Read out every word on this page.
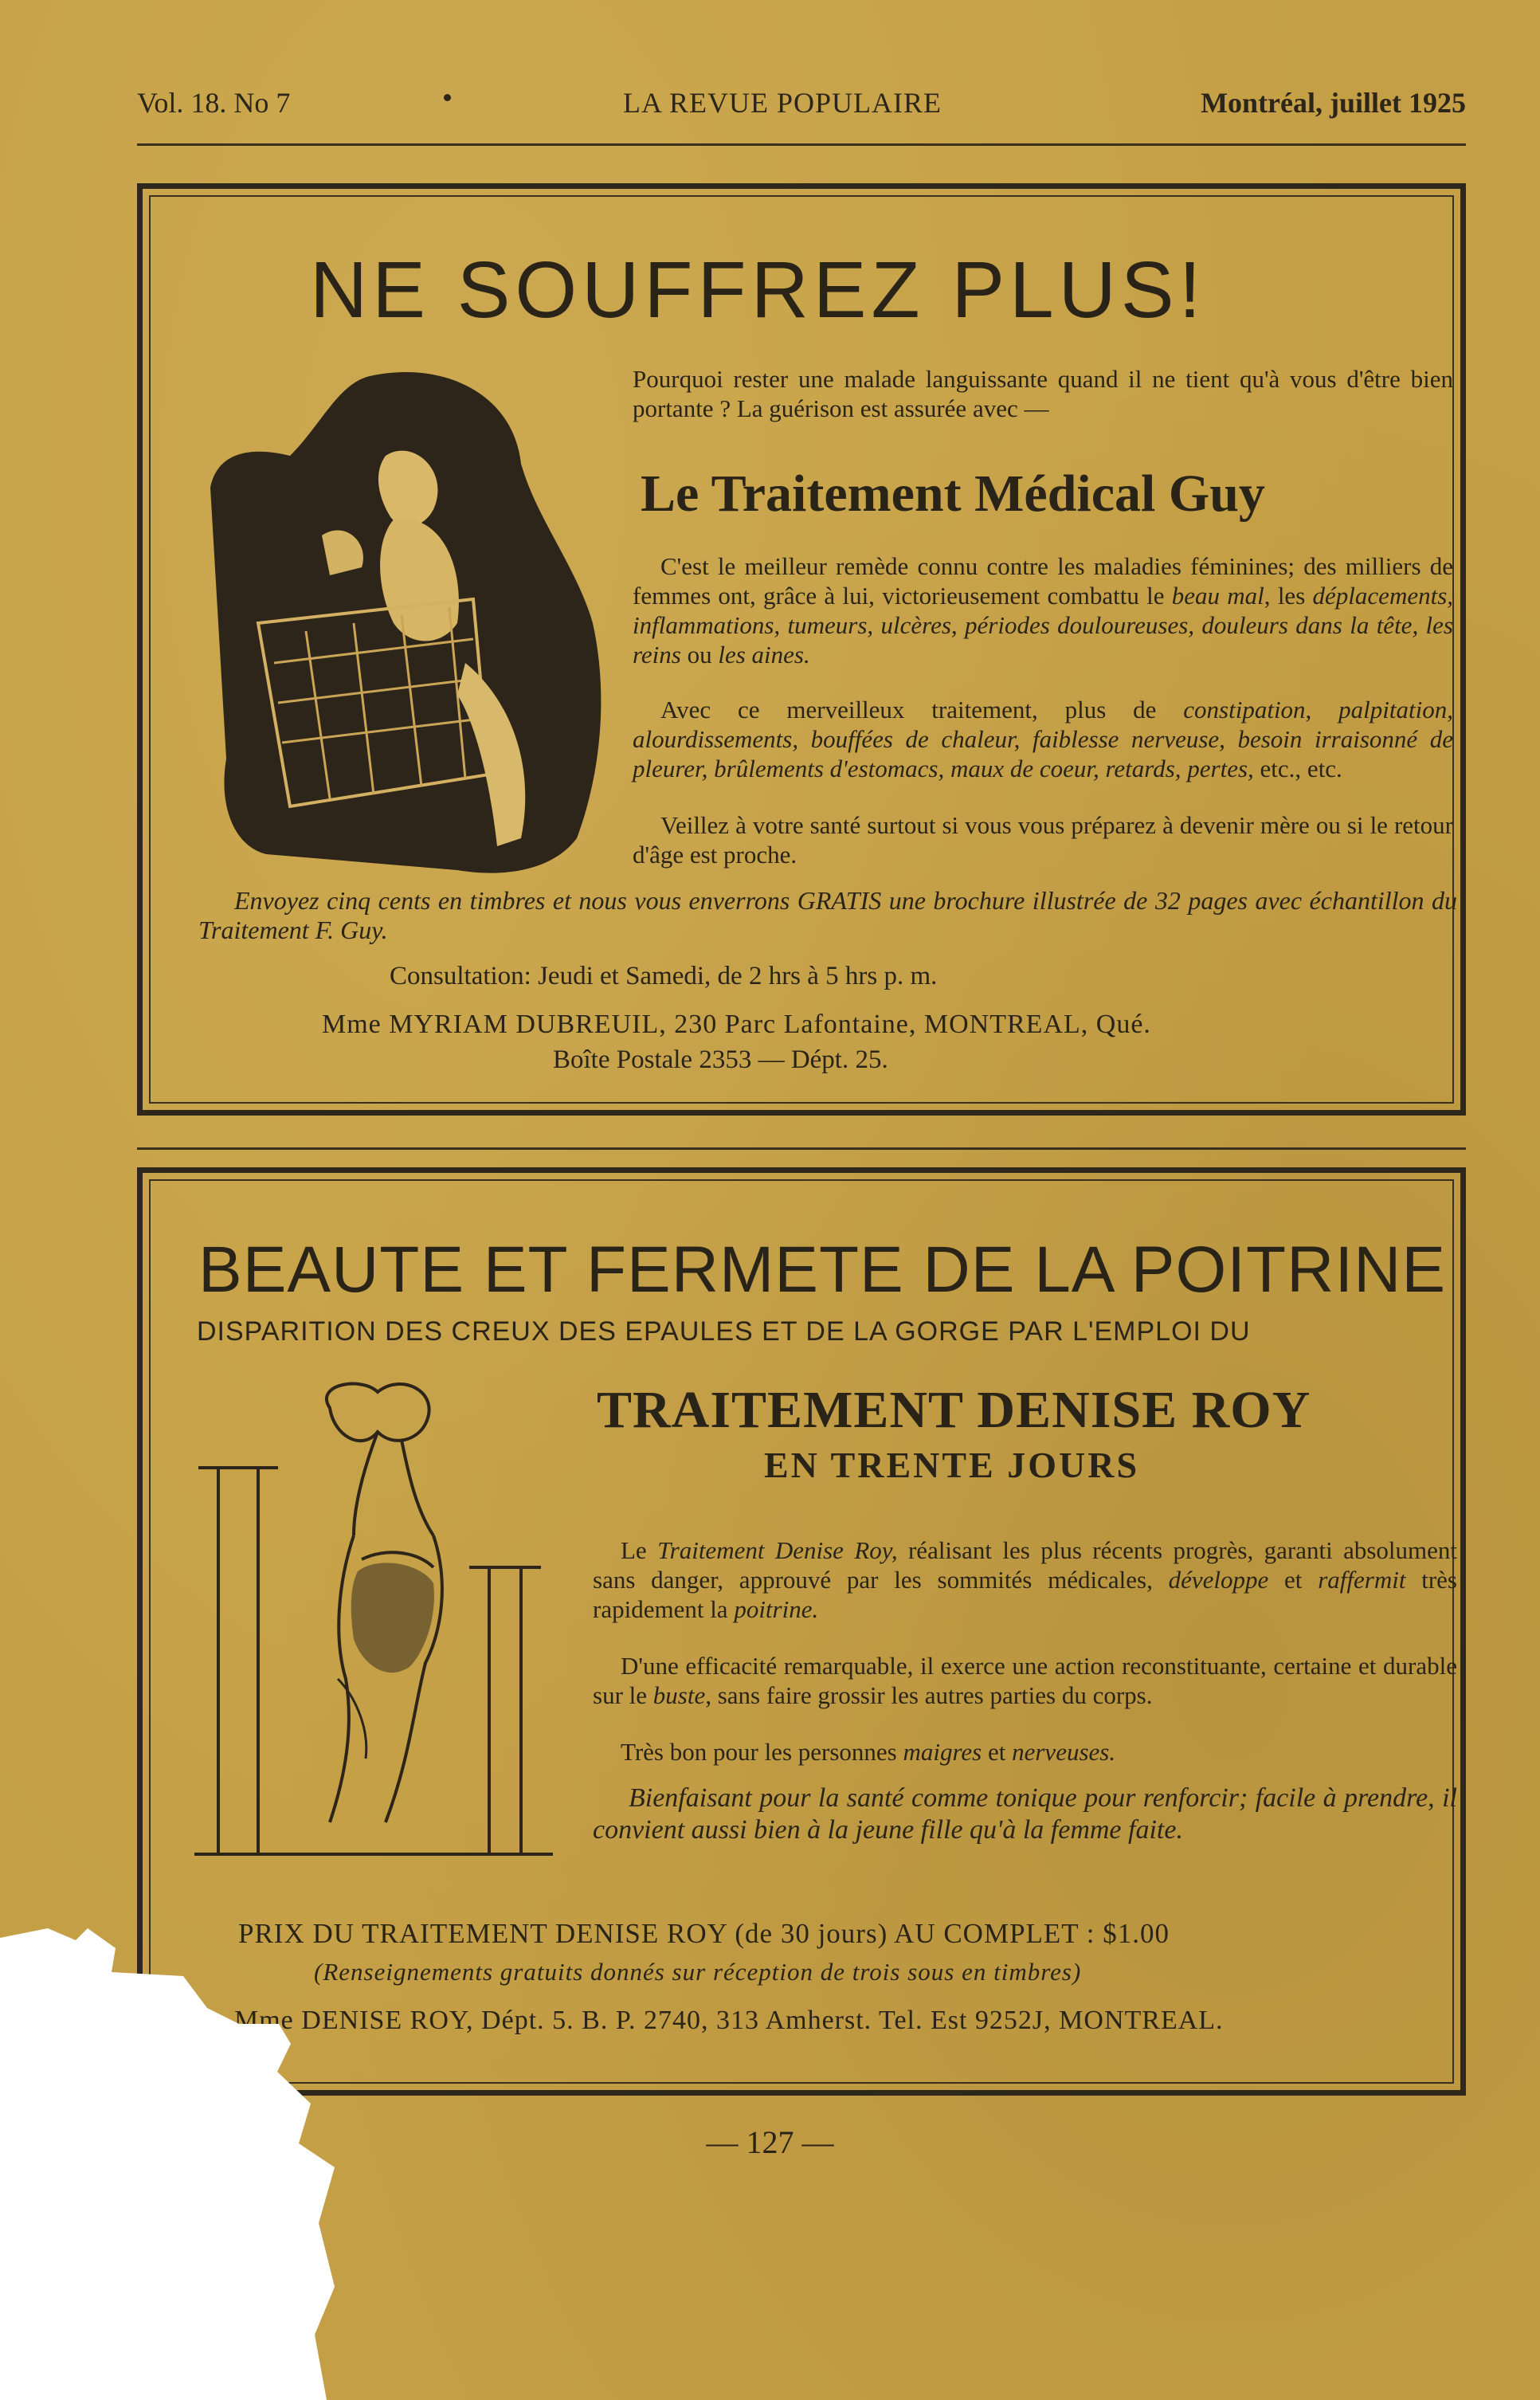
Vol. 18. No 7	LA REVUE POPULAIRE	Montréal, juillet 1925
NE SOUFFREZ PLUS!
Pourquoi rester une malade languissante quand il ne tient qu'à vous d'être bien portante ? La guérison est assurée avec —
Le Traitement Médical Guy
C'est le meilleur remède connu contre les maladies féminines; des milliers de femmes ont, grâce à lui, victorieusement combattu le beau mal, les déplacements, inflammations, tumeurs, ulcères, périodes douloureuses, douleurs dans la tête, les reins ou les aines.
Avec ce merveilleux traitement, plus de constipation, palpitation, alourdissements, bouffées de chaleur, faiblesse nerveuse, besoin irraisonné de pleurer, brûlements d'estomacs, maux de coeur, retards, pertes, etc., etc.
Veillez à votre santé surtout si vous vous préparez à devenir mère ou si le retour d'âge est proche.
Envoyez cinq cents en timbres et nous vous enverrons GRATIS une brochure illustrée de 32 pages avec échantillon du Traitement F. Guy.
Consultation: Jeudi et Samedi, de 2 hrs à 5 hrs p. m.
Mme MYRIAM DUBREUIL, 230 Parc Lafontaine, MONTREAL, Qué.
Boîte Postale 2353 — Dépt. 25.
BEAUTE ET FERMETE DE LA POITRINE
DISPARITION DES CREUX DES EPAULES ET DE LA GORGE PAR L'EMPLOI DU
TRAITEMENT DENISE ROY
EN TRENTE JOURS
Le Traitement Denise Roy, réalisant les plus récents progrès, garanti absolument sans danger, approuvé par les sommités médicales, développe et raffermit très rapidement la poitrine.
D'une efficacité remarquable, il exerce une action reconstituante, certaine et durable sur le buste, sans faire grossir les autres parties du corps.
Très bon pour les personnes maigres et nerveuses.
Bienfaisant pour la santé comme tonique pour renforcir; facile à prendre, il convient aussi bien à la jeune fille qu'à la femme faite.
PRIX DU TRAITEMENT DENISE ROY (de 30 jours) AU COMPLET : $1.00
(Renseignements gratuits donnés sur réception de trois sous en timbres)
Mme DENISE ROY, Dépt. 5. B. P. 2740, 313 Amherst. Tel. Est 9252J, MONTREAL.
— 127 —
